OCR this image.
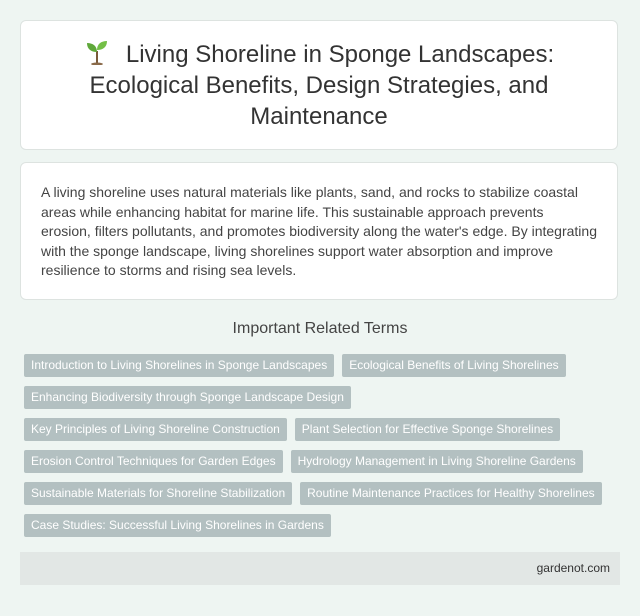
Living Shoreline in Sponge Landscapes: Ecological Benefits, Design Strategies, and Maintenance

A living shoreline uses natural materials like plants, sand, and rocks to stabilize coastal areas while enhancing habitat for marine life. This sustainable approach prevents erosion, filters pollutants, and promotes biodiversity along the water's edge. By integrating with the sponge landscape, living shorelines support water absorption and improve resilience to storms and rising sea levels.

Important Related Terms
Introduction to Living Shorelines in Sponge Landscapes	Ecological Benefits of Living Shorelines
Enhancing Biodiversity through Sponge Landscape Design
Key Principles of Living Shoreline Construction	Plant Selection for Effective Sponge Shorelines
Erosion Control Techniques for Garden Edges	Hydrology Management in Living Shoreline Gardens
Sustainable Materials for Shoreline Stabilization	Routine Maintenance Practices for Healthy Shorelines
Case Studies: Successful Living Shorelines in Gardens
gardenot.com
